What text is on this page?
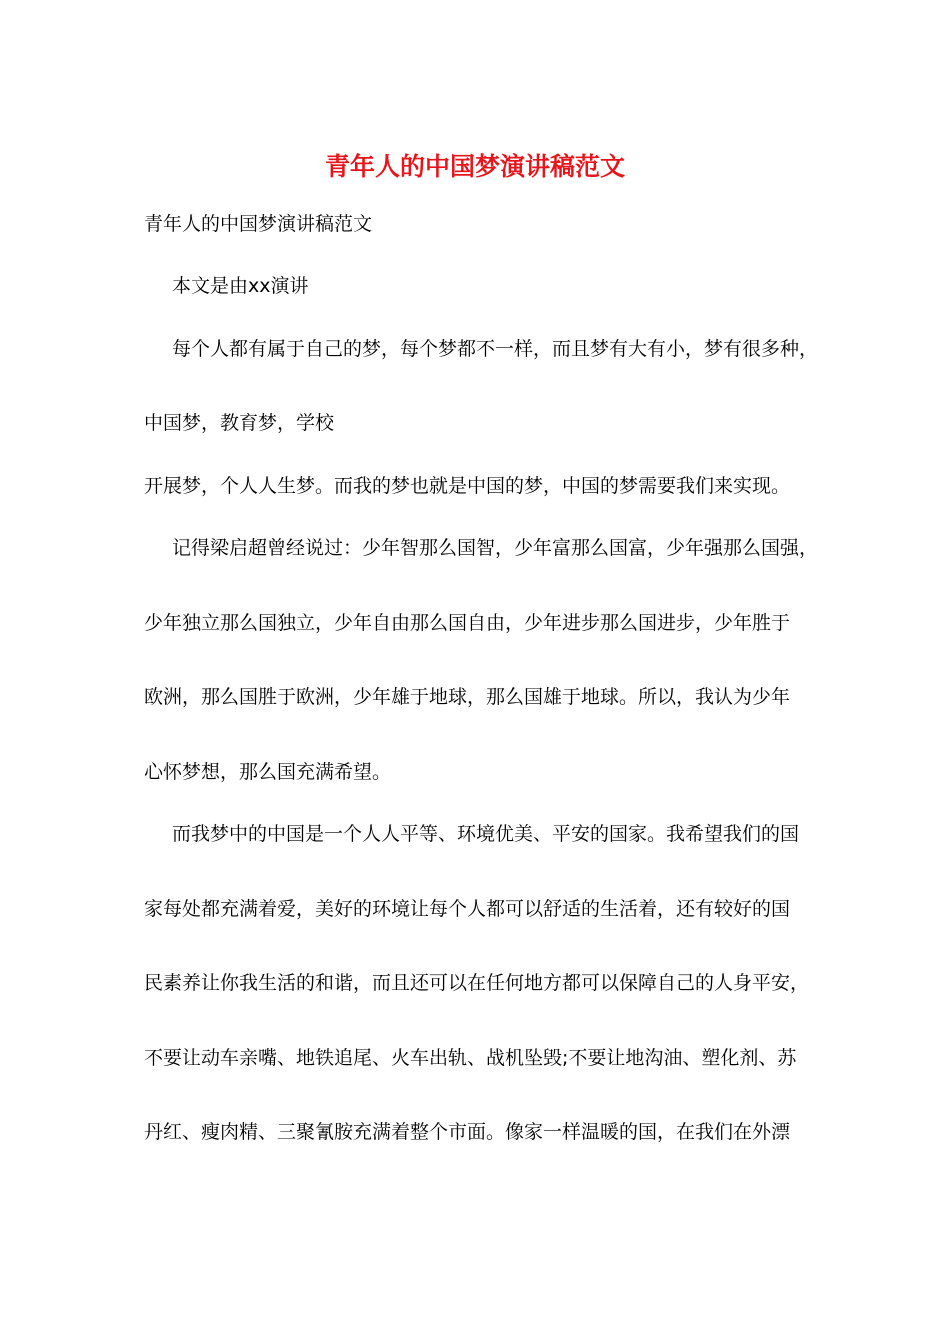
青年人的中国梦演讲稿范文
青年人的中国梦演讲稿范文
本文是由xx演讲
每个人都有属于自己的梦，每个梦都不一样，而且梦有大有小，梦有很多种，
中国梦，教育梦，学校
开展梦，个人人生梦。而我的梦也就是中国的梦，中国的梦需要我们来实现。
记得梁启超曾经说过：少年智那么国智，少年富那么国富，少年强那么国强，
少年独立那么国独立，少年自由那么国自由，少年进步那么国进步，少年胜于
欧洲，那么国胜于欧洲，少年雄于地球，那么国雄于地球。所以，我认为少年
心怀梦想，那么国充满希望。
而我梦中的中国是一个人人平等、环境优美、平安的国家。我希望我们的国
家每处都充满着爱，美好的环境让每个人都可以舒适的生活着，还有较好的国
民素养让你我生活的和谐，而且还可以在任何地方都可以保障自己的人身平安，
不要让动车亲嘴、地铁追尾、火车出轨、战机坠毁;不要让地沟油、塑化剂、苏
丹红、瘦肉精、三聚氰胺充满着整个市面。像家一样温暖的国，在我们在外漂
